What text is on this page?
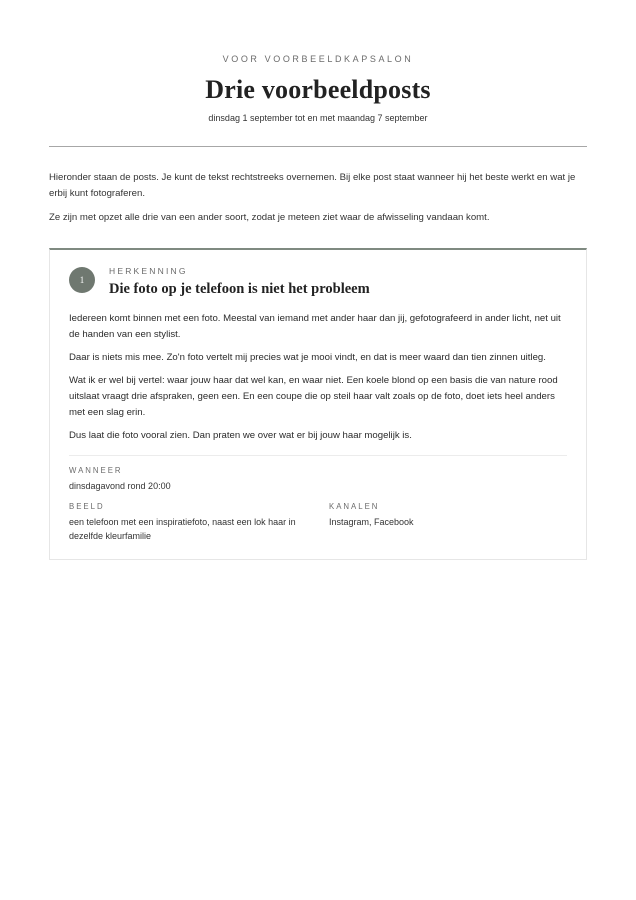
VOOR VOORBEELDKAPSALON
Drie voorbeeldposts
dinsdag 1 september tot en met maandag 7 september

Hieronder staan de posts. Je kunt de tekst rechtstreeks overnemen. Bij elke post staat wanneer hij het beste werkt en wat je erbij kunt fotograferen.

Ze zijn met opzet alle drie van een ander soort, zodat je meteen ziet waar de afwisseling vandaan komt.

1
HERKENNING
Die foto op je telefoon is niet het probleem

Iedereen komt binnen met een foto. Meestal van iemand met ander haar dan jij, gefotografeerd in ander licht, net uit de handen van een stylist.

Daar is niets mis mee. Zo'n foto vertelt mij precies wat je mooi vindt, en dat is meer waard dan tien zinnen uitleg.

Wat ik er wel bij vertel: waar jouw haar dat wel kan, en waar niet. Een koele blond op een basis die van nature rood uitslaat vraagt drie afspraken, geen een. En een coupe die op steil haar valt zoals op de foto, doet iets heel anders met een slag erin.

Dus laat die foto vooral zien. Dan praten we over wat er bij jouw haar mogelijk is.

WANNEER
dinsdagavond rond 20:00
BEELD
een telefoon met een inspiratiefoto, naast een lok haar in dezelfde kleurfamilie
KANALEN
Instagram, Facebook
